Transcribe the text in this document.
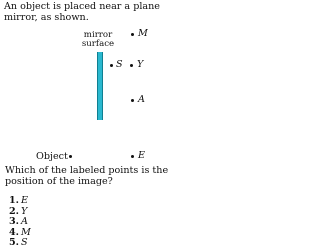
An object is placed near a plane mirror, as shown.
mirror
surface
M
S Y
A
Object	E
Which of the labeled points is the position of the image?
1. E
2. Y
3. A
4. M
5. S
